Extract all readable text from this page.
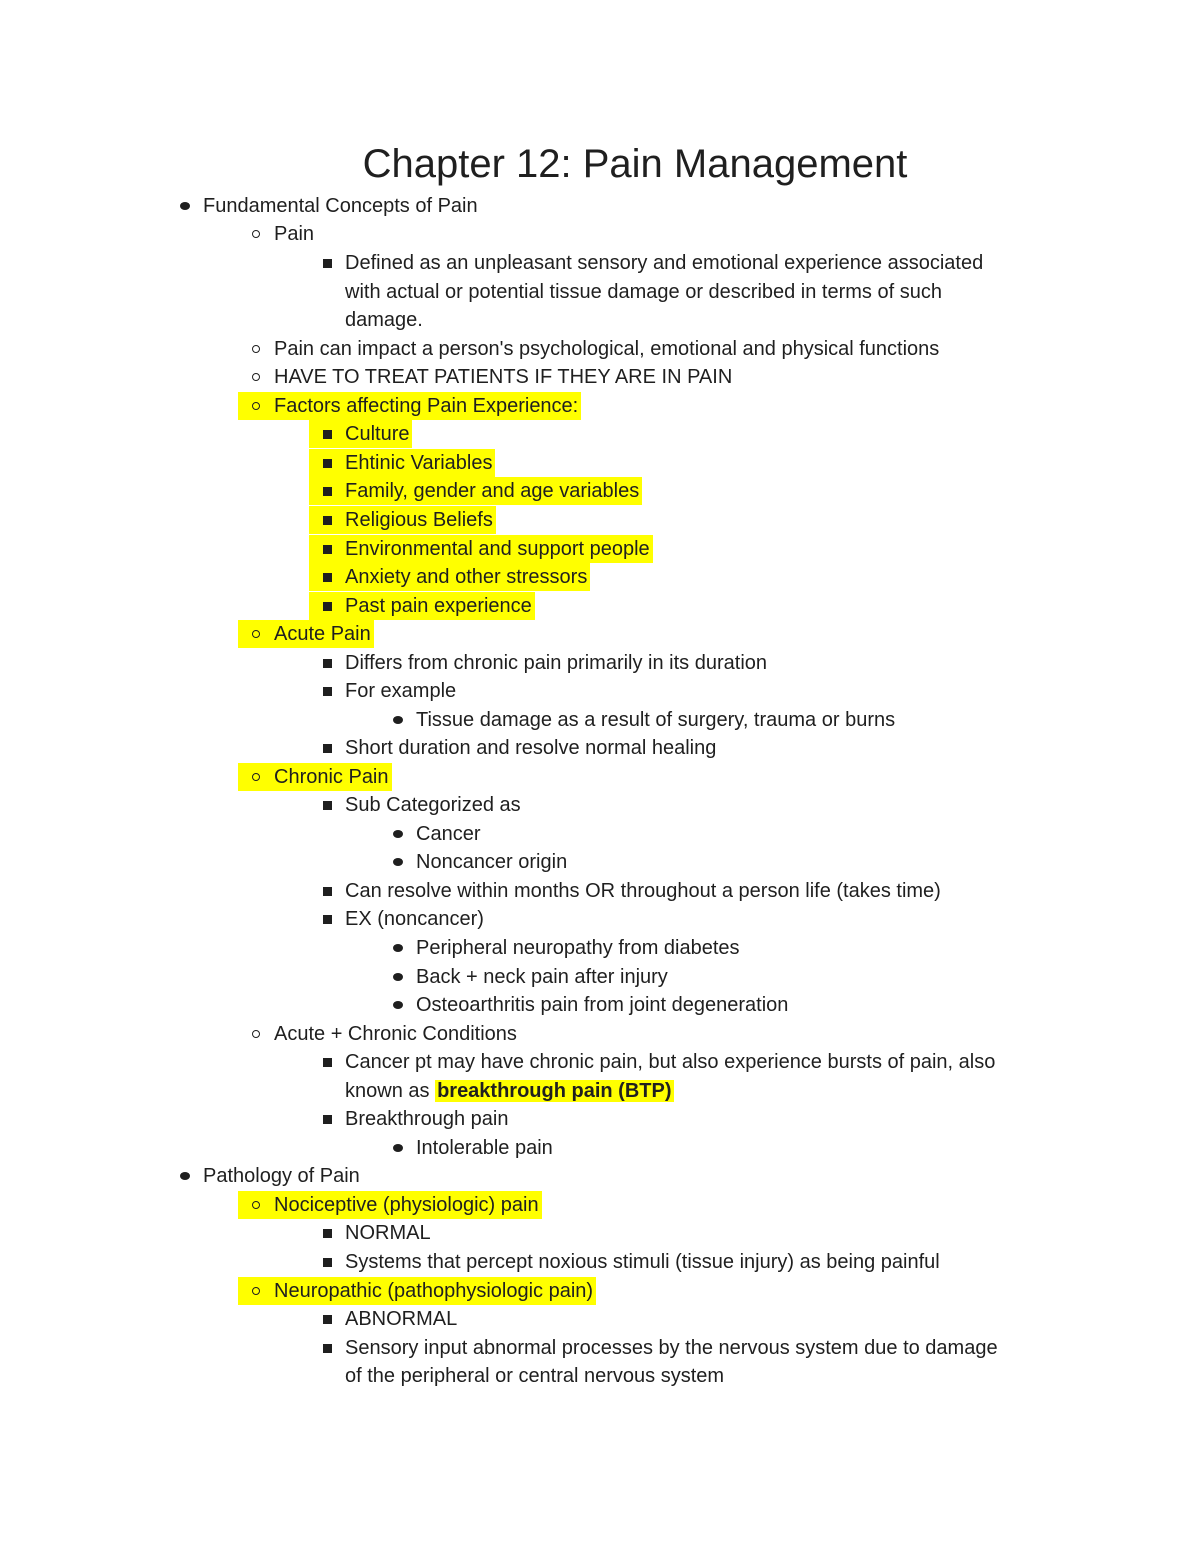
Chapter 12: Pain Management
Fundamental Concepts of Pain
Pain
Defined as an unpleasant sensory and emotional experience associated
with actual or potential tissue damage or described in terms of such
damage.
Pain can impact a person's psychological, emotional and physical functions
HAVE TO TREAT PATIENTS IF THEY ARE IN PAIN
Factors affecting Pain Experience:
Culture
Ehtinic Variables
Family, gender and age variables
Religious Beliefs
Environmental and support people
Anxiety and other stressors
Past pain experience
Acute Pain
Differs from chronic pain primarily in its duration
For example
Tissue damage as a result of surgery, trauma or burns
Short duration and resolve normal healing
Chronic Pain
Sub Categorized as
Cancer
Noncancer origin
Can resolve within months OR throughout a person life (takes time)
EX (noncancer)
Peripheral neuropathy from diabetes
Back + neck pain after injury
Osteoarthritis pain from joint degeneration
Acute + Chronic Conditions
Cancer pt may have chronic pain, but also experience bursts of pain, also
known as breakthrough pain (BTP)
Breakthrough pain
Intolerable pain
Pathology of Pain
Nociceptive (physiologic) pain
NORMAL
Systems that percept noxious stimuli (tissue injury) as being painful
Neuropathic (pathophysiologic pain)
ABNORMAL
Sensory input abnormal processes by the nervous system due to damage
of the peripheral or central nervous system
